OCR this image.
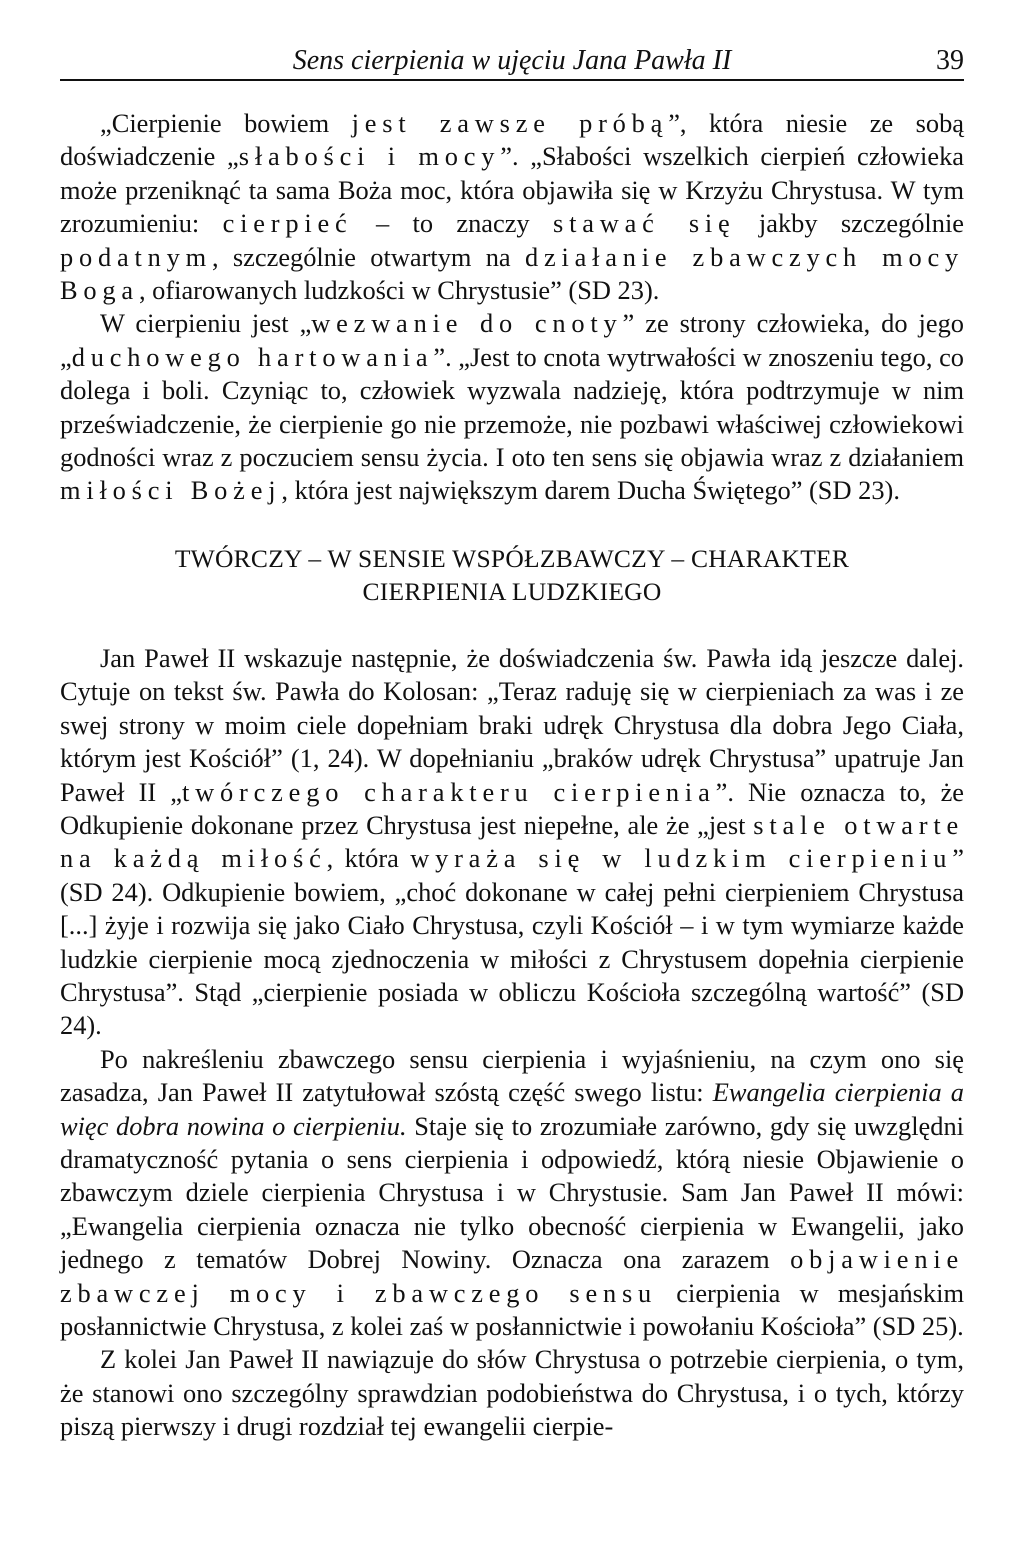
Sens cierpienia w ujęciu Jana Pawła II	39

„Cierpienie bowiem jest zawsze próbą”, która niesie ze sobą doświadczenie „słabości i mocy”. „Słabości wszelkich cierpień człowieka może przeniknąć ta sama Boża moc, która objawiła się w Krzyżu Chrystusa. W tym zrozumieniu: cierpieć – to znaczy stawać się jakby szczególnie podatnym, szczególnie otwartym na działanie zbawczych mocy Boga, ofiarowanych ludzkości w Chrystusie” (SD 23).

W cierpieniu jest „wezwanie do cnoty” ze strony człowieka, do jego „duchowego hartowania”. „Jest to cnota wytrwałości w znoszeniu tego, co dolega i boli. Czyniąc to, człowiek wyzwala nadzieję, która podtrzymuje w nim przeświadczenie, że cierpienie go nie przemoże, nie pozbawi właściwej człowiekowi godności wraz z poczuciem sensu życia. I oto ten sens się objawia wraz z działaniem miłości Bożej, która jest największym darem Ducha Świętego” (SD 23).

TWÓRCZY – W SENSIE WSPÓŁZBAWCZY – CHARAKTER
CIERPIENIA LUDZKIEGO

Jan Paweł II wskazuje następnie, że doświadczenia św. Pawła idą jeszcze dalej. Cytuje on tekst św. Pawła do Kolosan: „Teraz raduję się w cierpieniach za was i ze swej strony w moim ciele dopełniam braki udręk Chrystusa dla dobra Jego Ciała, którym jest Kościół” (1, 24). W dopełnianiu „braków udręk Chrystusa” upatruje Jan Paweł II „twórczego charakteru cierpienia”. Nie oznacza to, że Odkupienie dokonane przez Chrystusa jest niepełne, ale że „jest stale otwarte na każdą miłość, która wyraża się w ludzkim cierpieniu” (SD 24). Odkupienie bowiem, „choć dokonane w całej pełni cierpieniem Chrystusa [...] żyje i rozwija się jako Ciało Chrystusa, czyli Kościół – i w tym wymiarze każde ludzkie cierpienie mocą zjednoczenia w miłości z Chrystusem dopełnia cierpienie Chrystusa”. Stąd „cierpienie posiada w obliczu Kościoła szczególną wartość” (SD 24).

Po nakreśleniu zbawczego sensu cierpienia i wyjaśnieniu, na czym ono się zasadza, Jan Paweł II zatytułował szóstą część swego listu: Ewangelia cierpienia a więc dobra nowina o cierpieniu. Staje się to zrozumiałe zarówno, gdy się uwzględni dramatyczność pytania o sens cierpienia i odpowiedź, którą niesie Objawienie o zbawczym dziele cierpienia Chrystusa i w Chrystusie. Sam Jan Paweł II mówi: „Ewangelia cierpienia oznacza nie tylko obecność cierpienia w Ewangelii, jako jednego z tematów Dobrej Nowiny. Oznacza ona zarazem objawienie zbawczej mocy i zbawczego sensu cierpienia w mesjańskim posłannictwie Chrystusa, z kolei zaś w posłannictwie i powołaniu Kościoła” (SD 25).

Z kolei Jan Paweł II nawiązuje do słów Chrystusa o potrzebie cierpienia, o tym, że stanowi ono szczególny sprawdzian podobieństwa do Chrystusa, i o tych, którzy piszą pierwszy i drugi rozdział tej ewangelii cierpie-
